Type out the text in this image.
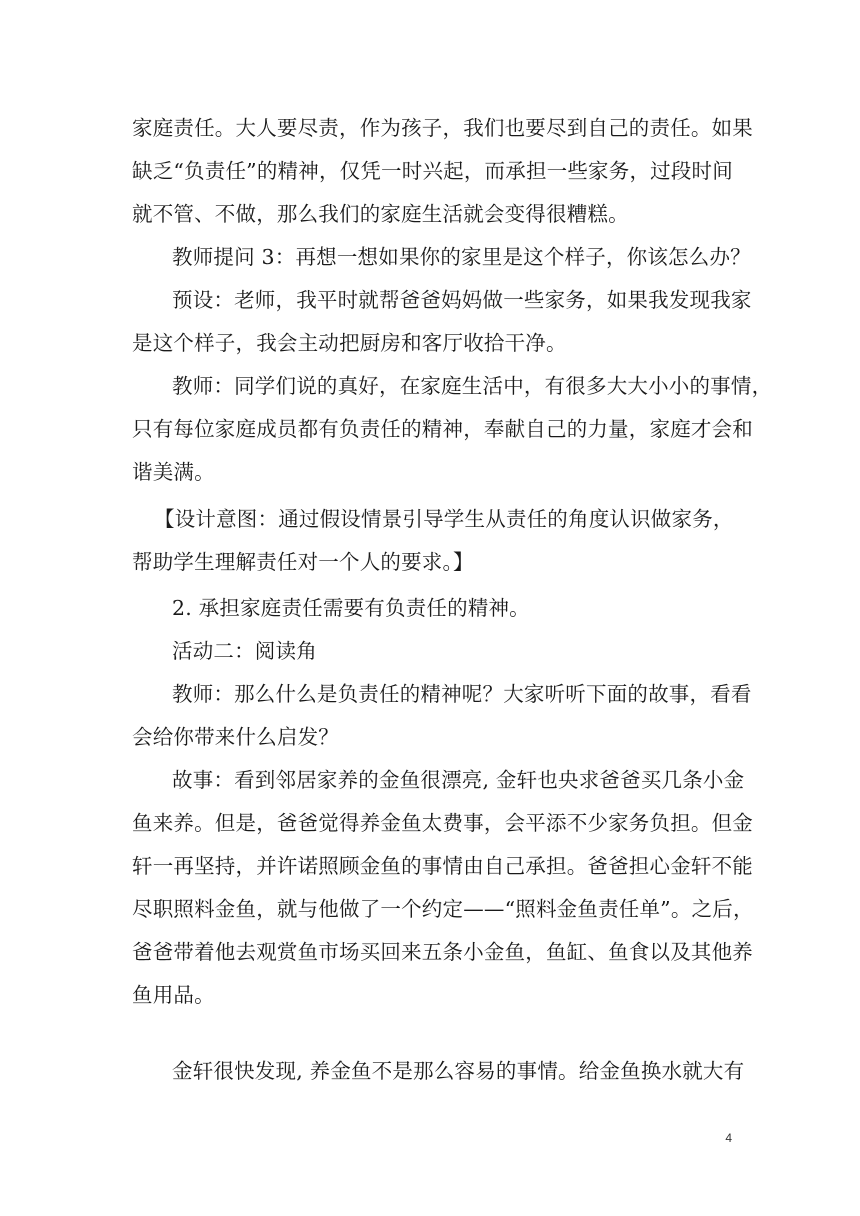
家庭责任。大人要尽责，作为孩子，我们也要尽到自己的责任。如果
缺乏“负责任”的精神，仅凭一时兴起，而承担一些家务，过段时间
就不管、不做，那么我们的家庭生活就会变得很糟糕。
教师提问 3：再想一想如果你的家里是这个样子，你该怎么办？
预设：老师，我平时就帮爸爸妈妈做一些家务，如果我发现我家
是这个样子，我会主动把厨房和客厅收拾干净。
教师：同学们说的真好，在家庭生活中，有很多大大小小的事情，
只有每位家庭成员都有负责任的精神，奉献自己的力量，家庭才会和
谐美满。
【设计意图：通过假设情景引导学生从责任的角度认识做家务，
帮助学生理解责任对一个人的要求。】
2. 承担家庭责任需要有负责任的精神。
活动二：阅读角
教师：那么什么是负责任的精神呢？大家听听下面的故事，看看
会给你带来什么启发？
故事：看到邻居家养的金鱼很漂亮, 金轩也央求爸爸买几条小金
鱼来养。但是，爸爸觉得养金鱼太费事，会平添不少家务负担。但金
轩一再坚持，并许诺照顾金鱼的事情由自己承担。爸爸担心金轩不能
尽职照料金鱼，就与他做了一个约定——“照料金鱼责任单”。之后，
爸爸带着他去观赏鱼市场买回来五条小金鱼，鱼缸、鱼食以及其他养
鱼用品。
金轩很快发现, 养金鱼不是那么容易的事情。给金鱼换水就大有
4
